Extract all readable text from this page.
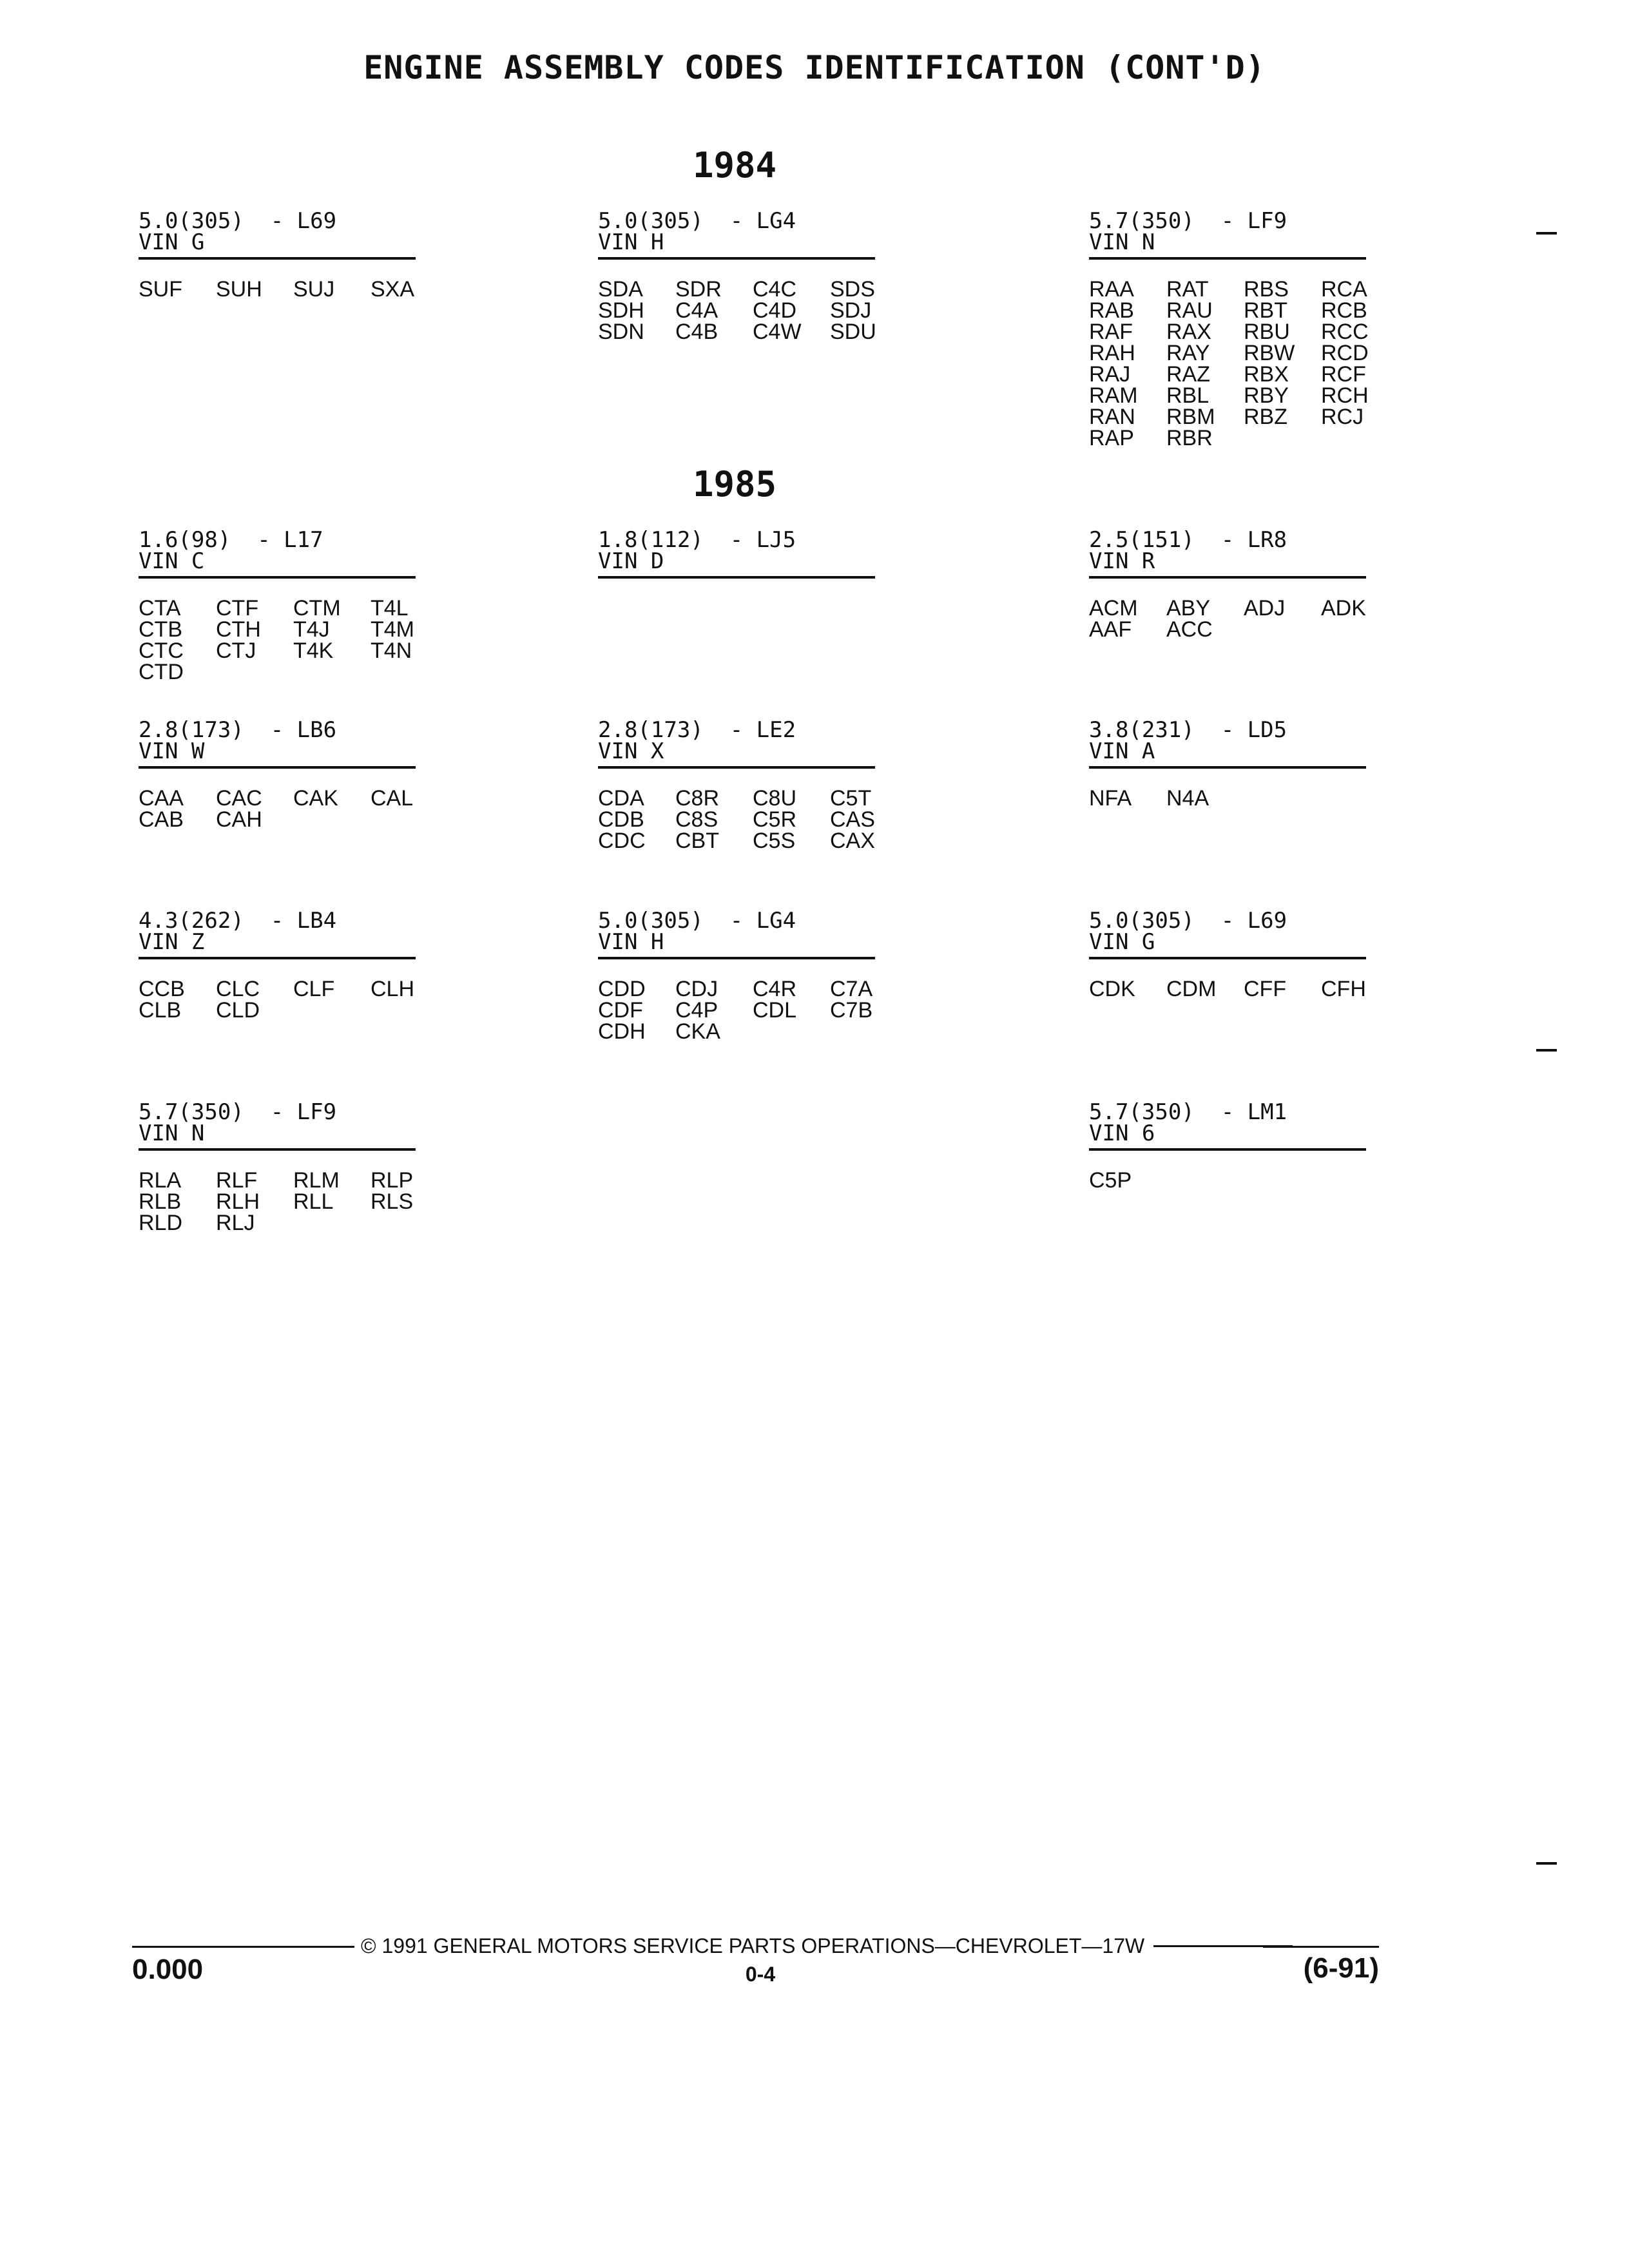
ENGINE ASSEMBLY CODES IDENTIFICATION (CONT'D)
1984
1985
5.0(305)  - L69
VIN G
SUF	SUH	SUJ	SXA
5.0(305)  - LG4
VIN H
SDA	SDR	C4C	SDS
SDH	C4A	C4D	SDJ
SDN	C4B	C4W	SDU
5.7(350)  - LF9
VIN N
RAA	RAT	RBS	RCA
RAB	RAU	RBT	RCB
RAF	RAX	RBU	RCC
RAH	RAY	RBW	RCD
RAJ	RAZ	RBX	RCF
RAM	RBL	RBY	RCH
RAN	RBM	RBZ	RCJ
RAP	RBR
1.6(98)  - L17
VIN C
CTA	CTF	CTM	T4L
CTB	CTH	T4J	T4M
CTC	CTJ	T4K	T4N
CTD
1.8(112)  - LJ5
VIN D
2.5(151)  - LR8
VIN R
ACM	ABY	ADJ	ADK
AAF	ACC
2.8(173)  - LB6
VIN W
CAA	CAC	CAK	CAL
CAB	CAH
2.8(173)  - LE2
VIN X
CDA	C8R	C8U	C5T
CDB	C8S	C5R	CAS
CDC	CBT	C5S	CAX
3.8(231)  - LD5
VIN A
NFA	N4A
4.3(262)  - LB4
VIN Z
CCB	CLC	CLF	CLH
CLB	CLD
5.0(305)  - LG4
VIN H
CDD	CDJ	C4R	C7A
CDF	C4P	CDL	C7B
CDH	CKA
5.0(305)  - L69
VIN G
CDK	CDM	CFF	CFH
5.7(350)  - LF9
VIN N
RLA	RLF	RLM	RLP
RLB	RLH	RLL	RLS
RLD	RLJ
5.7(350)  - LM1
VIN 6
C5P
© 1991 GENERAL MOTORS SERVICE PARTS OPERATIONS—CHEVROLET—17W
0.000	0-4	(6-91)
